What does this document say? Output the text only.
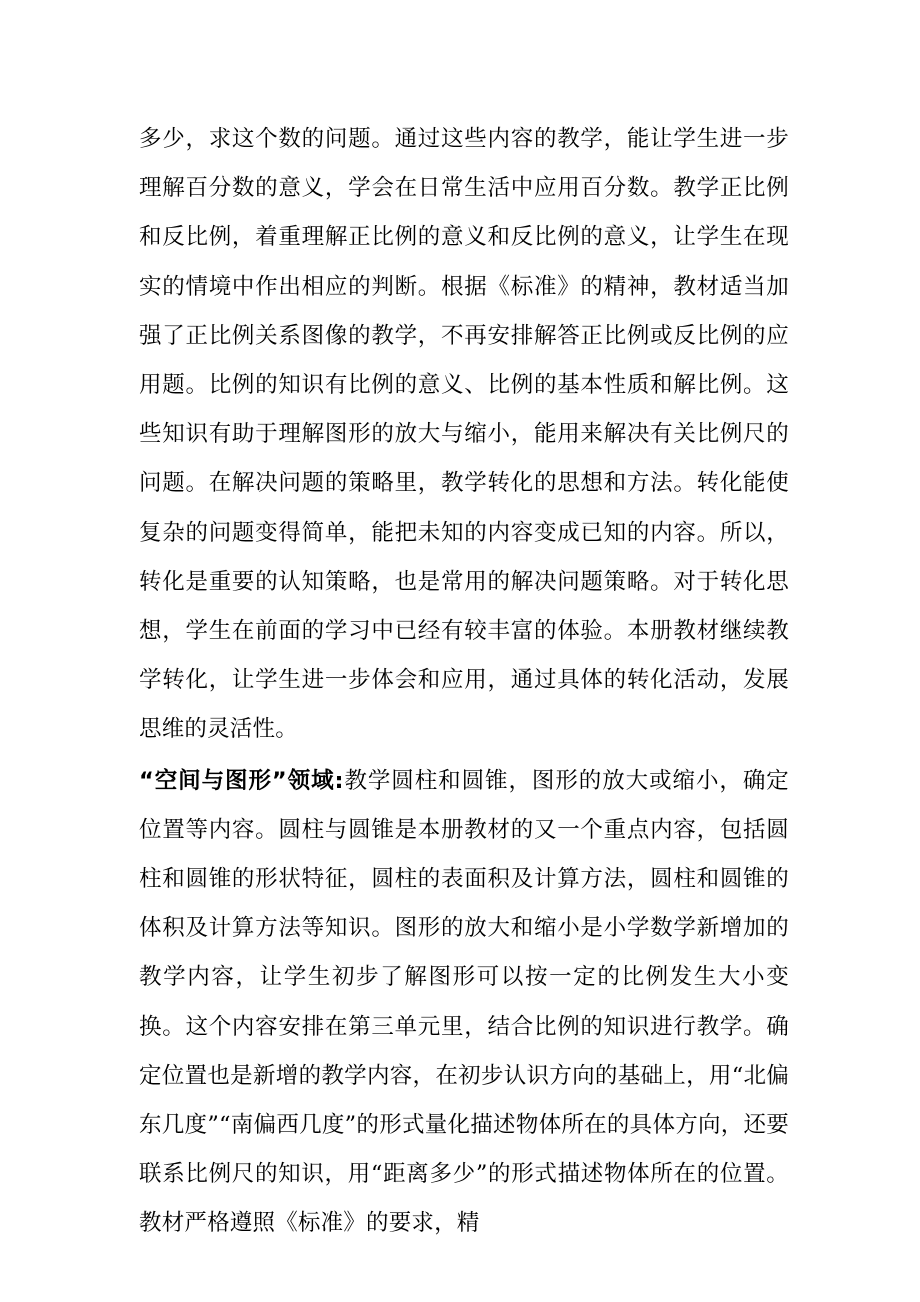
多少，求这个数的问题。通过这些内容的教学，能让学生进一步理解百分数的意义，学会在日常生活中应用百分数。教学正比例和反比例，着重理解正比例的意义和反比例的意义，让学生在现实的情境中作出相应的判断。根据《标准》的精神，教材适当加强了正比例关系图像的教学，不再安排解答正比例或反比例的应用题。比例的知识有比例的意义、比例的基本性质和解比例。这些知识有助于理解图形的放大与缩小，能用来解决有关比例尺的问题。在解决问题的策略里，教学转化的思想和方法。转化能使复杂的问题变得简单，能把未知的内容变成已知的内容。所以，转化是重要的认知策略，也是常用的解决问题策略。对于转化思想，学生在前面的学习中已经有较丰富的体验。本册教材继续教学转化，让学生进一步体会和应用，通过具体的转化活动，发展思维的灵活性。

“空间与图形”领域:教学圆柱和圆锥，图形的放大或缩小，确定位置等内容。圆柱与圆锥是本册教材的又一个重点内容，包括圆柱和圆锥的形状特征，圆柱的表面积及计算方法，圆柱和圆锥的体积及计算方法等知识。图形的放大和缩小是小学数学新增加的教学内容，让学生初步了解图形可以按一定的比例发生大小变换。这个内容安排在第三单元里，结合比例的知识进行教学。确定位置也是新增的教学内容，在初步认识方向的基础上，用“北偏东几度”“南偏西几度”的形式量化描述物体所在的具体方向，还要联系比例尺的知识，用“距离多少”的形式描述物体所在的位置。教材严格遵照《标准》的要求，精
